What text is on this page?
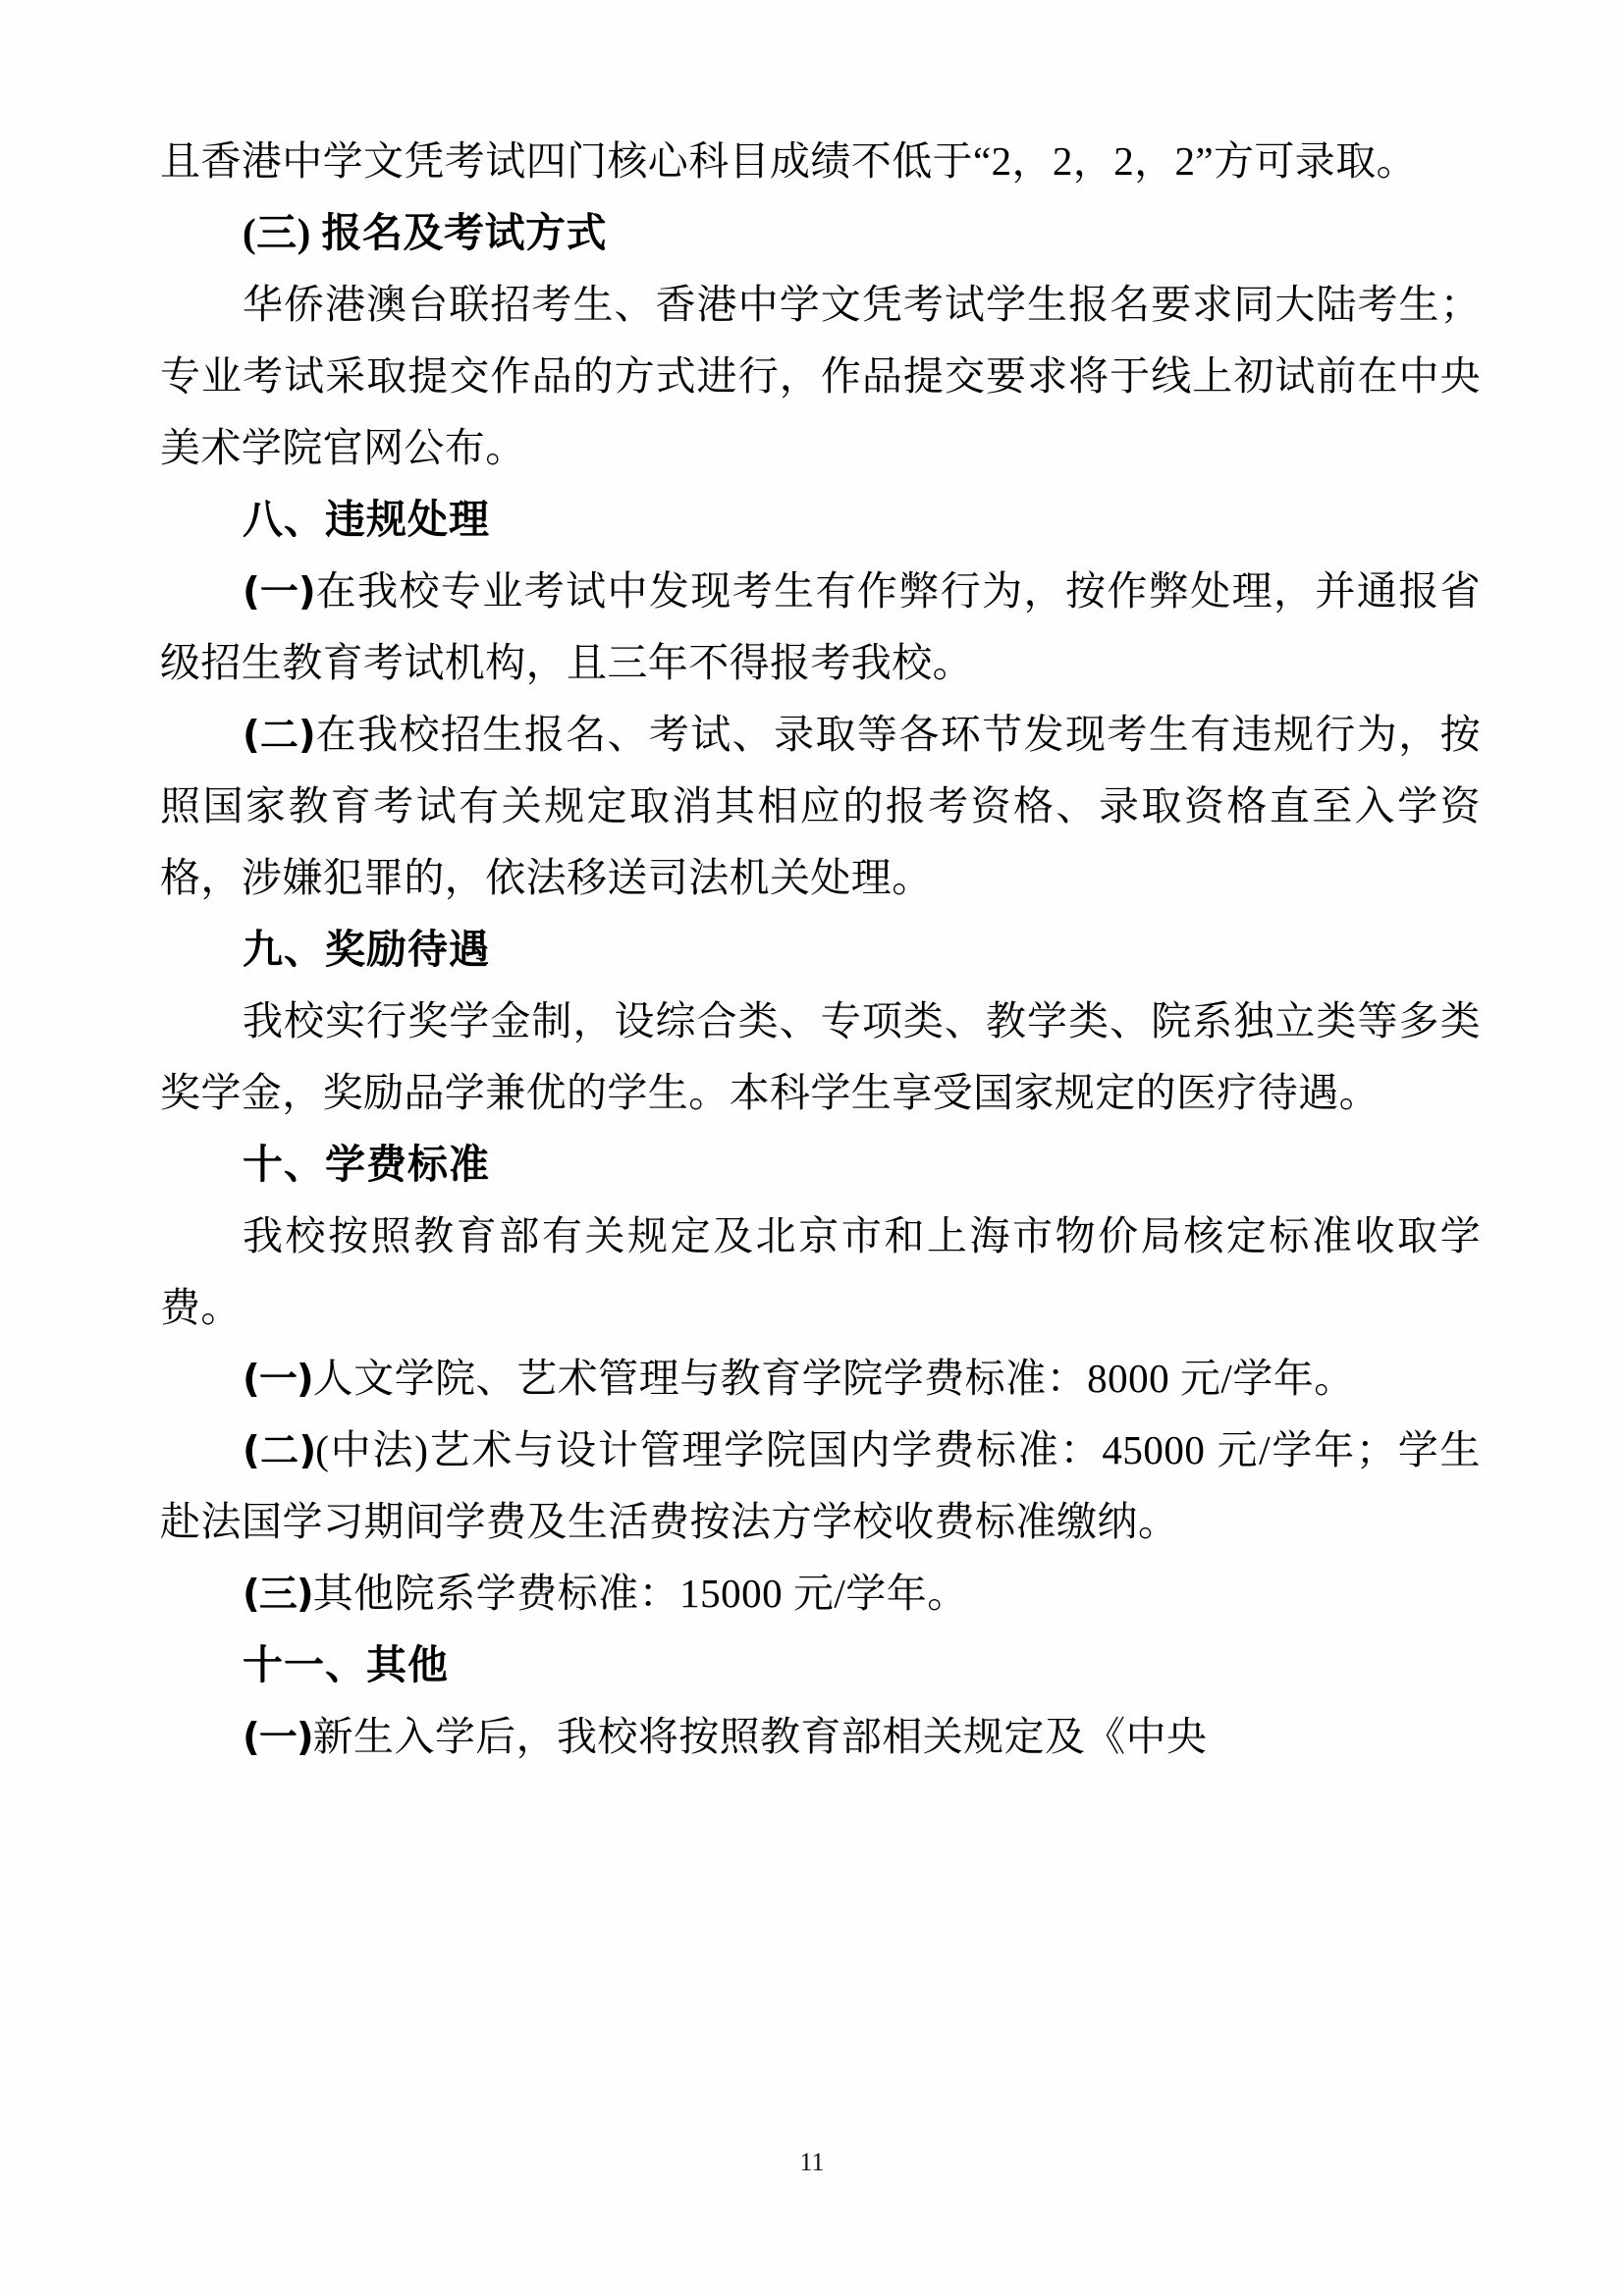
且香港中学文凭考试四门核心科目成绩不低于“2，2，2，2”方可录取。

(三) 报名及考试方式

华侨港澳台联招考生、香港中学文凭考试学生报名要求同大陆考生；专业考试采取提交作品的方式进行，作品提交要求将于线上初试前在中央美术学院官网公布。

八、违规处理

(一)在我校专业考试中发现考生有作弊行为，按作弊处理，并通报省级招生教育考试机构，且三年不得报考我校。

(二)在我校招生报名、考试、录取等各环节发现考生有违规行为，按照国家教育考试有关规定取消其相应的报考资格、录取资格直至入学资格，涉嫌犯罪的，依法移送司法机关处理。

九、奖励待遇

我校实行奖学金制，设综合类、专项类、教学类、院系独立类等多类奖学金，奖励品学兼优的学生。本科学生享受国家规定的医疗待遇。

十、学费标准

我校按照教育部有关规定及北京市和上海市物价局核定标准收取学费。

(一)人文学院、艺术管理与教育学院学费标准：8000 元/学年。

(二)(中法)艺术与设计管理学院国内学费标准：45000 元/学年；学生赴法国学习期间学费及生活费按法方学校收费标准缴纳。

(三)其他院系学费标准：15000 元/学年。

十一、其他

(一)新生入学后，我校将按照教育部相关规定及《中央

11
